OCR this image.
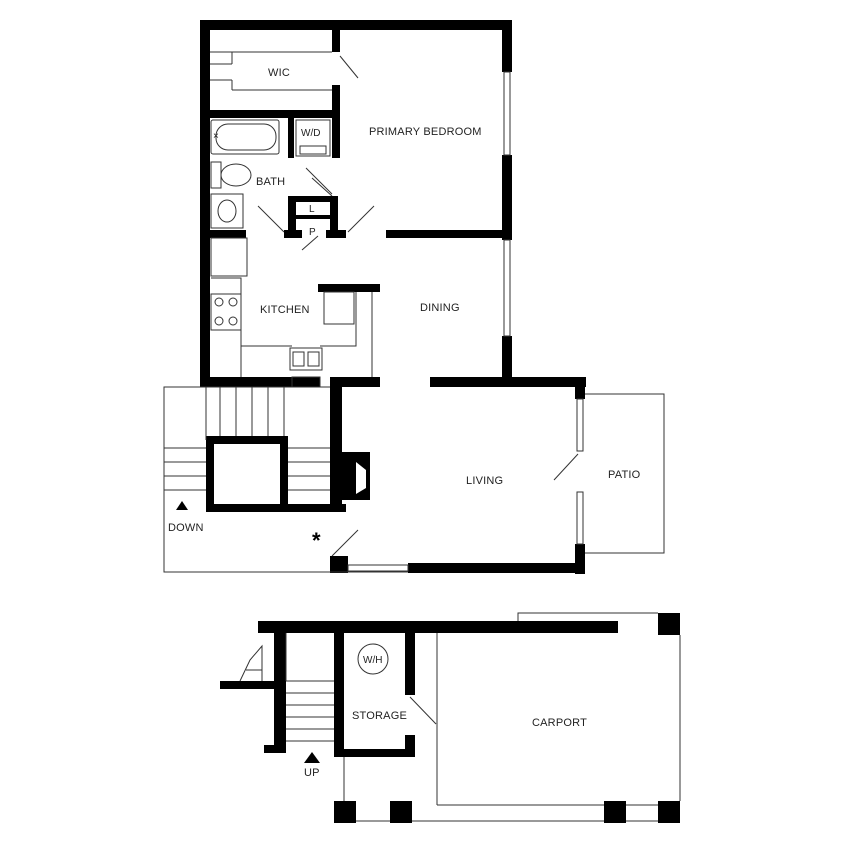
×
WIC
W/D	PRIMARY BEDROOM
BATH
L
P
KITCHEN	DINING
LIVING	PATIO
DOWN	*
W/H
STORAGE
CARPORT
UP
